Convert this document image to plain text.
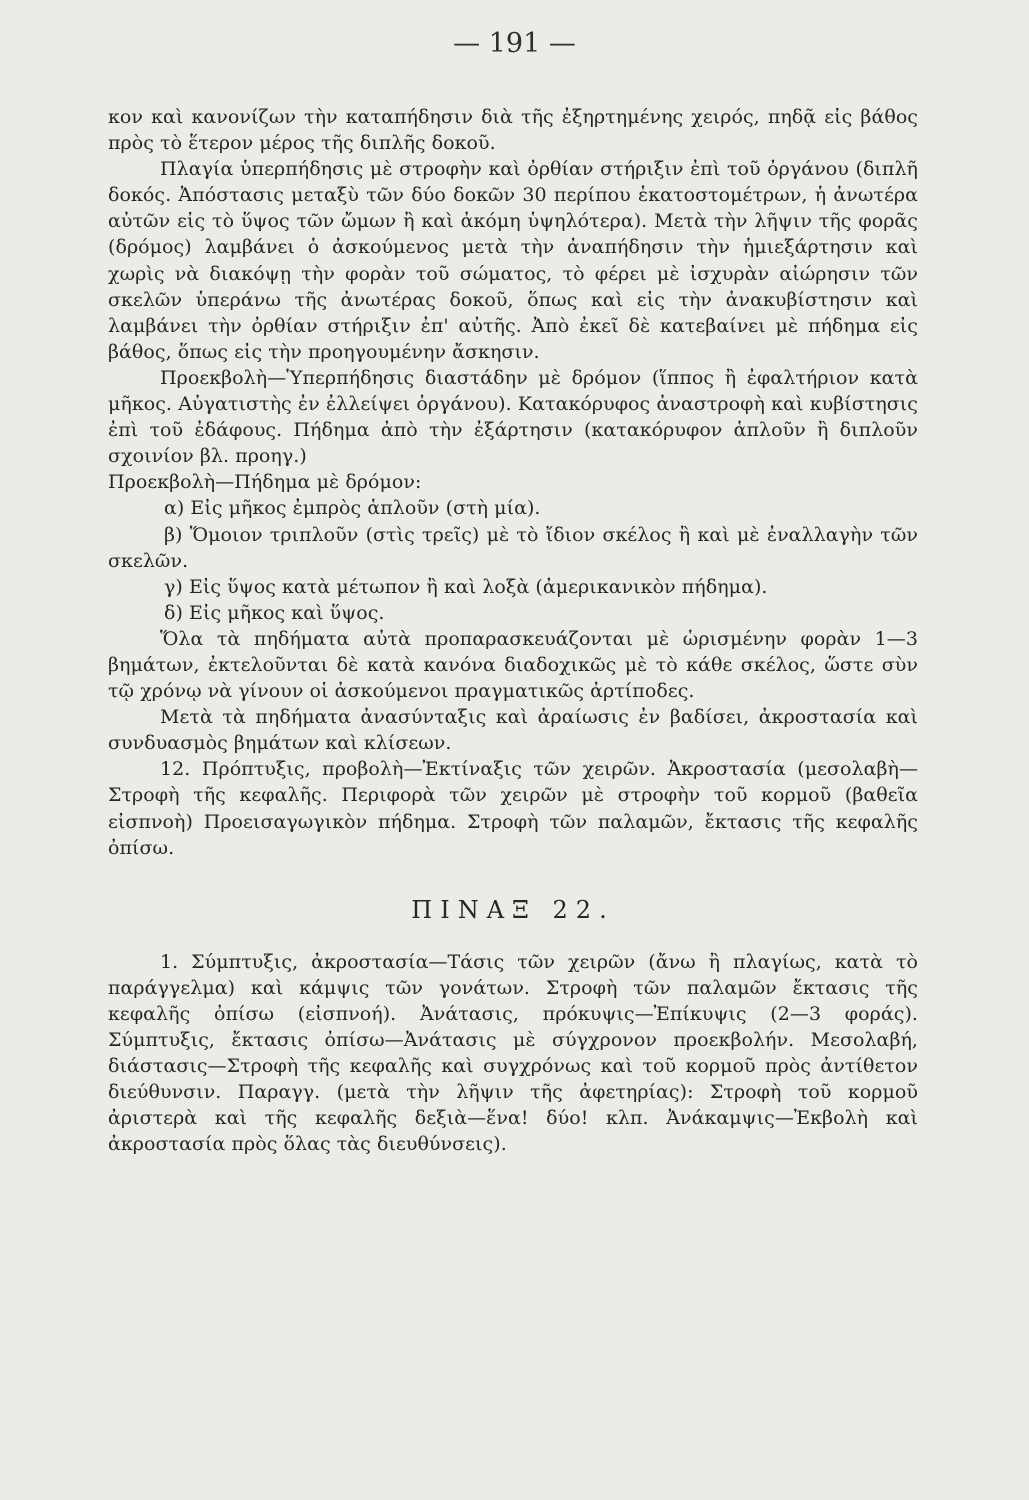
— 191 —

κον καὶ κανονίζων τὴν καταπήδησιν διὰ τῆς ἐξηρτημένης χειρός, πηδᾷ εἰς βάθος πρὸς τὸ ἕτερον μέρος τῆς διπλῆς δοκοῦ.

Πλαγία ὑπερπήδησις μὲ στροφὴν καὶ ὀρθίαν στήριξιν ἐπὶ τοῦ ὀργάνου (διπλῆ δοκός. Ἀπόστασις μεταξὺ τῶν δύο δοκῶν 30 περίπου ἑκατοστομέτρων, ἡ ἀνωτέρα αὐτῶν εἰς τὸ ὕψος τῶν ὤμων ἢ καὶ ἀκόμη ὑψηλότερα). Μετὰ τὴν λῆψιν τῆς φορᾶς (δρόμος) λαμβάνει ὁ ἀσκούμενος μετὰ τὴν ἀναπήδησιν τὴν ἡμιεξάρτησιν καὶ χωρὶς νὰ διακόψῃ τὴν φορὰν τοῦ σώματος, τὸ φέρει μὲ ἰσχυρὰν αἰώρησιν τῶν σκελῶν ὑπεράνω τῆς ἀνωτέρας δοκοῦ, ὅπως καὶ εἰς τὴν ἀνακυβίστησιν καὶ λαμβάνει τὴν ὀρθίαν στήριξιν ἐπ' αὐτῆς. Ἀπὸ ἐκεῖ δὲ κατεβαίνει μὲ πήδημα εἰς βάθος, ὅπως εἰς τὴν προηγουμένην ἄσκησιν.

Προεκβολὴ—Ὑπερπήδησις διαστάδην μὲ δρόμον (ἵππος ἢ ἐφαλτήριον κατὰ μῆκος. Αὐγατιστὴς ἐν ἐλλείψει ὀργάνου). Κατακόρυφος ἀναστροφὴ καὶ κυβίστησις ἐπὶ τοῦ ἐδάφους. Πήδημα ἀπὸ τὴν ἐξάρτησιν (κατακόρυφον ἁπλοῦν ἢ διπλοῦν σχοινίον βλ. προηγ.)

Προεκβολὴ—Πήδημα μὲ δρόμον:

α) Εἰς μῆκος ἐμπρὸς ἁπλοῦν (στὴ μία).

β) Ὅμοιον τριπλοῦν (στὶς τρεῖς) μὲ τὸ ἴδιον σκέλος ἢ καὶ μὲ ἐναλλαγὴν τῶν σκελῶν.

γ) Εἰς ὕψος κατὰ μέτωπον ἢ καὶ λοξὰ (ἀμερικανικὸν πήδημα).

δ) Εἰς μῆκος καὶ ὕψος.

Ὅλα τὰ πηδήματα αὐτὰ προπαρασκευάζονται μὲ ὡρισμένην φορὰν 1—3 βημάτων, ἐκτελοῦνται δὲ κατὰ κανόνα διαδοχικῶς μὲ τὸ κάθε σκέλος, ὥστε σὺν τῷ χρόνῳ νὰ γίνουν οἱ ἀσκούμενοι πραγματικῶς ἀρτίποδες.

Μετὰ τὰ πηδήματα ἀνασύνταξις καὶ ἀραίωσις ἐν βαδίσει, ἀκροστασία καὶ συνδυασμὸς βημάτων καὶ κλίσεων.

12. Πρόπτυξις, προβολὴ—Ἐκτίναξις τῶν χειρῶν. Ἀκροστασία (μεσολαβὴ—Στροφὴ τῆς κεφαλῆς. Περιφορὰ τῶν χειρῶν μὲ στροφὴν τοῦ κορμοῦ (βαθεῖα εἰσπνοὴ) Προεισαγωγικὸν πήδημα. Στροφὴ τῶν παλαμῶν, ἔκτασις τῆς κεφαλῆς ὀπίσω.

ΠΙΝΑΞ 22.

1. Σύμπτυξις, ἀκροστασία—Τάσις τῶν χειρῶν (ἄνω ἢ πλαγίως, κατὰ τὸ παράγγελμα) καὶ κάμψις τῶν γονάτων. Στροφὴ τῶν παλαμῶν ἔκτασις τῆς κεφαλῆς ὀπίσω (εἰσπνοή). Ἀνάτασις, πρόκυψις—Ἐπίκυψις (2—3 φοράς). Σύμπτυξις, ἔκτασις ὀπίσω—Ἀνάτασις μὲ σύγχρονον προεκβολήν. Μεσολαβή, διάστασις—Στροφὴ τῆς κεφαλῆς καὶ συγχρόνως καὶ τοῦ κορμοῦ πρὸς ἀντίθετον διεύθυνσιν. Παραγγ. (μετὰ τὴν λῆψιν τῆς ἀφετηρίας): Στροφὴ τοῦ κορμοῦ ἀριστερὰ καὶ τῆς κεφαλῆς δεξιὰ—ἕνα! δύο! κλπ. Ἀνάκαμψις—Ἐκβολὴ καὶ ἀκροστασία πρὸς ὅλας τὰς διευθύνσεις).
